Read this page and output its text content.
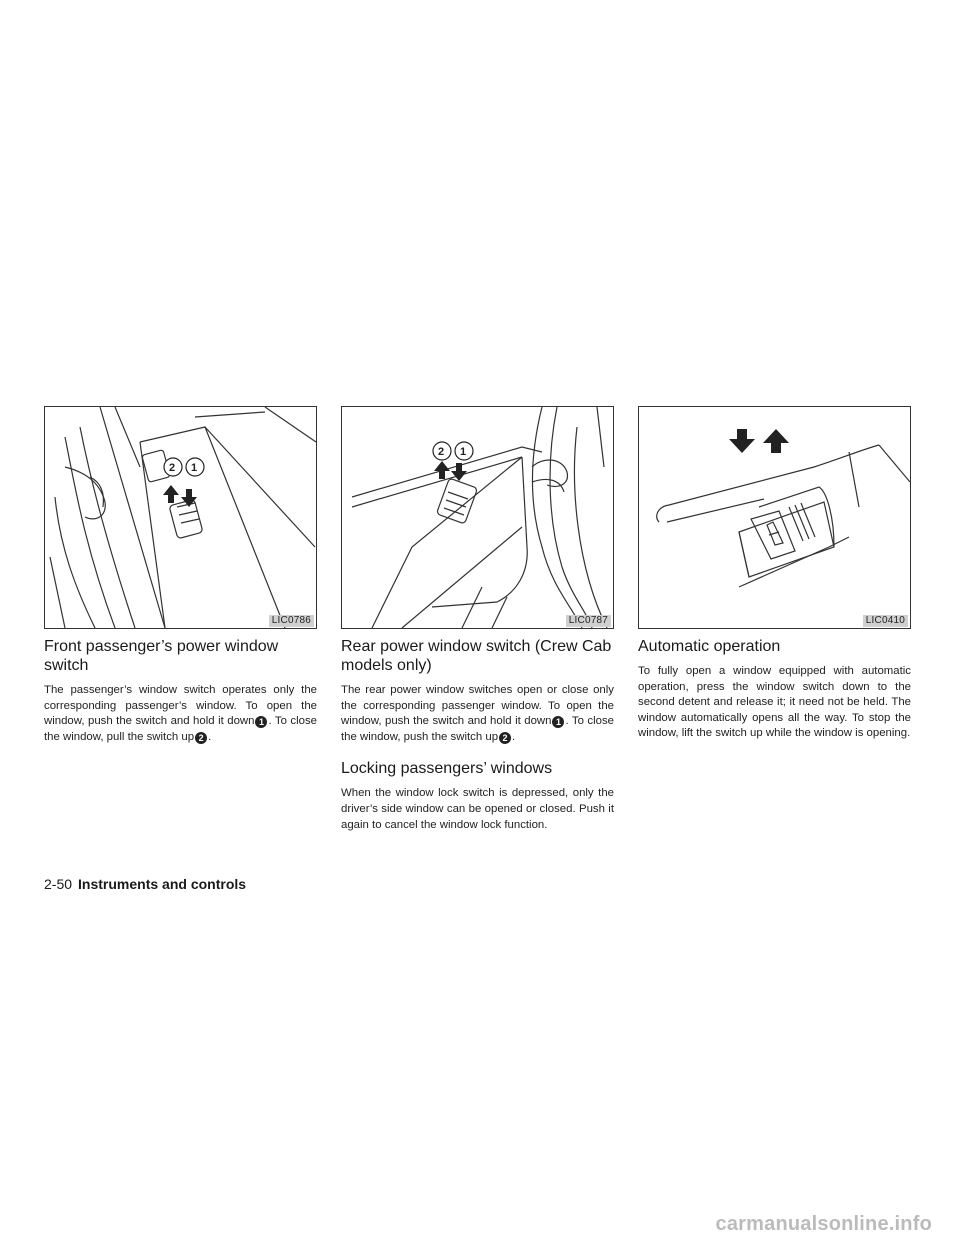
2 1
LIC0786
Front passenger’s power window switch

The passenger’s window switch operates only the corresponding passenger’s window. To open the window, push the switch and hold it down 1 . To close the window, pull the switch up 2 .

2 1
LIC0787
Rear power window switch (Crew Cab models only)

The rear power window switches open or close only the corresponding passenger window. To open the window, push the switch and hold it down 1 . To close the window, push the switch up 2 .

Locking passengers’ windows

When the window lock switch is depressed, only the driver’s side window can be opened or closed. Push it again to cancel the window lock function.

LIC0410
Automatic operation

To fully open a window equipped with automatic operation, press the window switch down to the second detent and release it; it need not be held. The window automatically opens all the way. To stop the window, lift the switch up while the window is opening.

2-50 Instruments and controls
carmanualsonline.info
